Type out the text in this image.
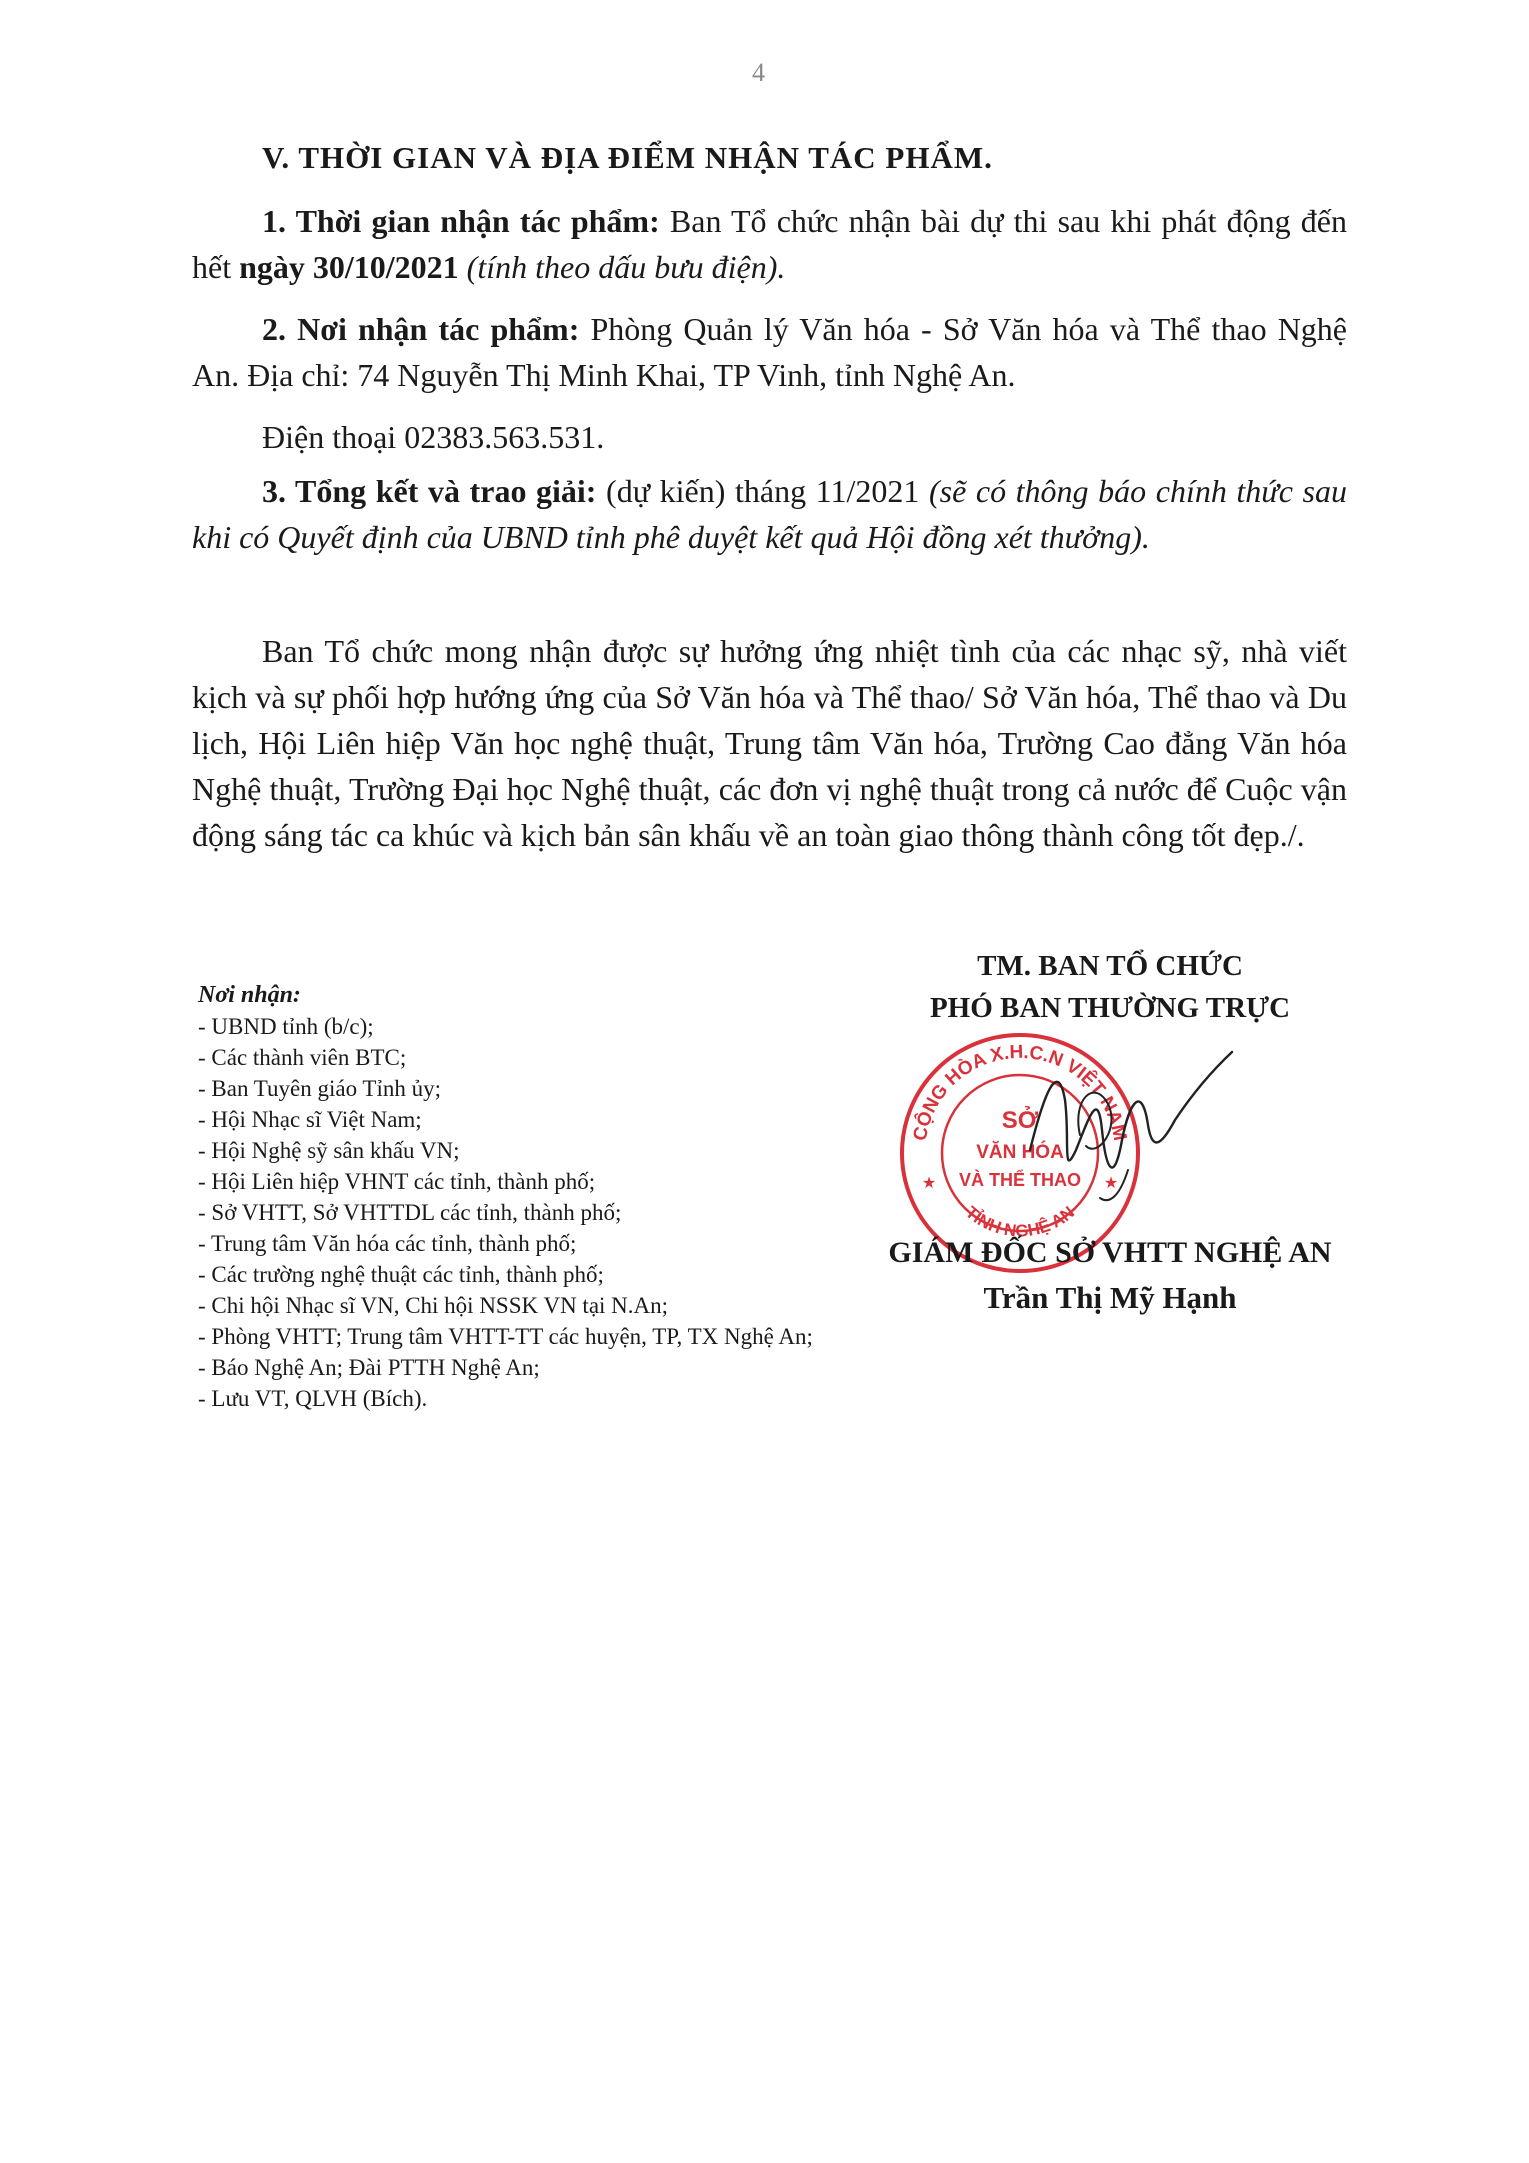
4
V. THỜI GIAN VÀ ĐỊA ĐIỂM NHẬN TÁC PHẨM.

1. Thời gian nhận tác phẩm: Ban Tổ chức nhận bài dự thi sau khi phát động đến hết ngày 30/10/2021 (tính theo dấu bưu điện).

2. Nơi nhận tác phẩm: Phòng Quản lý Văn hóa - Sở Văn hóa và Thể thao Nghệ An. Địa chỉ: 74 Nguyễn Thị Minh Khai, TP Vinh, tỉnh Nghệ An.

Điện thoại 02383.563.531.

3. Tổng kết và trao giải: (dự kiến) tháng 11/2021 (sẽ có thông báo chính thức sau khi có Quyết định của UBND tỉnh phê duyệt kết quả Hội đồng xét thưởng).

Ban Tổ chức mong nhận được sự hưởng ứng nhiệt tình của các nhạc sỹ, nhà viết kịch và sự phối hợp hướng ứng của Sở Văn hóa và Thể thao/ Sở Văn hóa, Thể thao và Du lịch, Hội Liên hiệp Văn học nghệ thuật, Trung tâm Văn hóa, Trường Cao đẳng Văn hóa Nghệ thuật, Trường Đại học Nghệ thuật, các đơn vị nghệ thuật trong cả nước để Cuộc vận động sáng tác ca khúc và kịch bản sân khấu về an toàn giao thông thành công tốt đẹp./.

Nơi nhận:
- UBND tỉnh (b/c);
- Các thành viên BTC;
- Ban Tuyên giáo Tỉnh ủy;
- Hội Nhạc sĩ Việt Nam;
- Hội Nghệ sỹ sân khấu VN;
- Hội Liên hiệp VHNT các tỉnh, thành phố;
- Sở VHTT, Sở VHTTDL các tỉnh, thành phố;
- Trung tâm Văn hóa các tỉnh, thành phố;
- Các trường nghệ thuật các tỉnh, thành phố;
- Chi hội Nhạc sĩ VN, Chi hội NSSK VN tại N.An;
- Phòng VHTT; Trung tâm VHTT-TT các huyện, TP, TX Nghệ An;
- Báo Nghệ An; Đài PTTH Nghệ An;
- Lưu VT, QLVH (Bích).
TM. BAN TỔ CHỨC
PHÓ BAN THƯỜNG TRỰC
CỘNG HÒA X.H.C.N VIỆT NAM
TỈNH NGHỆ AN
★	★
SỞ
VĂN HÓA
VÀ THỂ THAO
GIÁM ĐỐC SỞ VHTT NGHỆ AN
Trần Thị Mỹ Hạnh
